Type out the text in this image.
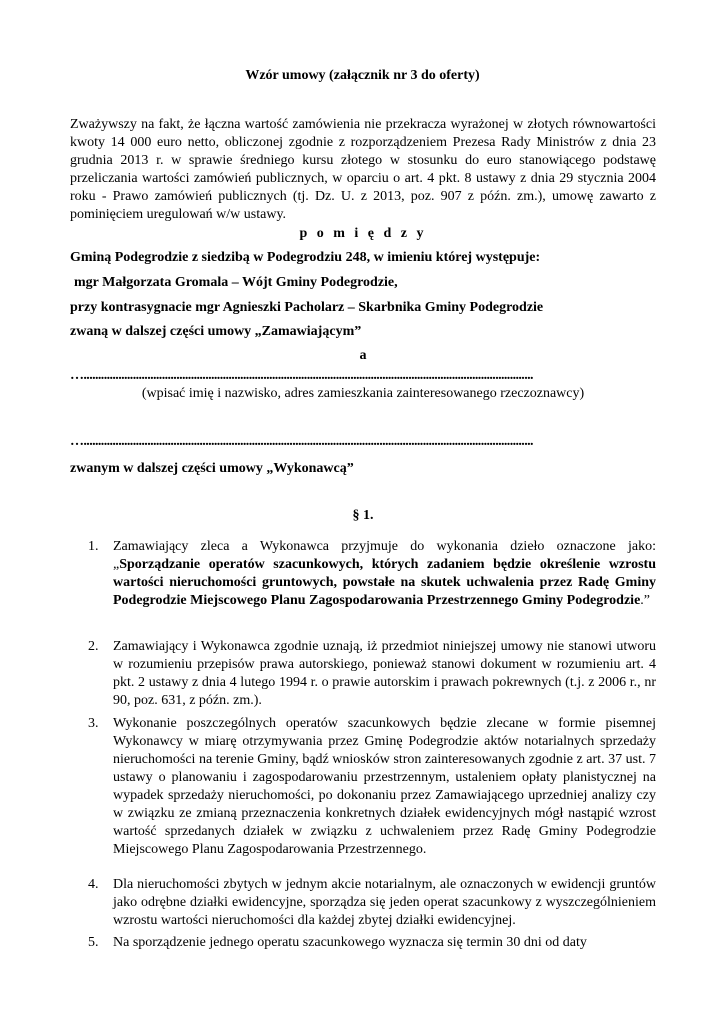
Wzór umowy (załącznik nr 3 do oferty)
Zważywszy na fakt, że łączna wartość zamówienia nie przekracza wyrażonej w złotych równowartości kwoty 14 000 euro netto, obliczonej zgodnie z rozporządzeniem Prezesa Rady Ministrów z dnia 23 grudnia 2013 r. w sprawie średniego kursu złotego w stosunku do euro stanowiącego podstawę przeliczania wartości zamówień publicznych, w oparciu o art. 4 pkt. 8 ustawy z dnia 29 stycznia 2004 roku - Prawo zamówień publicznych (tj. Dz. U. z 2013, poz. 907 z późn. zm.), umowę zawarto z pominięciem uregulowań w/w ustawy.
p o m i ę d z y
Gminą Podegrodzie z siedzibą w Podegrodziu 248, w imieniu której występuje:
mgr Małgorzata Gromala – Wójt Gminy Podegrodzie,
przy kontrasygnacie mgr Agnieszki Pacholarz – Skarbnika Gminy Podegrodzie
zwaną w dalszej części umowy „Zamawiającym”
a
…...........................................................................................................................................................
(wpisać imię i nazwisko, adres zamieszkania zainteresowanego rzeczoznawcy)
…...........................................................................................................................................................
zwanym w dalszej części umowy „Wykonawcą”
§ 1.
1. Zamawiający zleca a Wykonawca przyjmuje do wykonania dzieło oznaczone jako: „Sporządzanie operatów szacunkowych, których zadaniem będzie określenie wzrostu wartości nieruchomości gruntowych, powstałe na skutek uchwalenia przez Radę Gminy Podegrodzie Miejscowego Planu Zagospodarowania Przestrzennego Gminy Podegrodzie.”
2. Zamawiający i Wykonawca zgodnie uznają, iż przedmiot niniejszej umowy nie stanowi utworu w rozumieniu przepisów prawa autorskiego, ponieważ stanowi dokument w rozumieniu art. 4 pkt. 2 ustawy z dnia 4 lutego 1994 r. o prawie autorskim i prawach pokrewnych (t.j. z 2006 r., nr 90, poz. 631, z późn. zm.).
3. Wykonanie poszczególnych operatów szacunkowych będzie zlecane w formie pisemnej Wykonawcy w miarę otrzymywania przez Gminę Podegrodzie aktów notarialnych sprzedaży nieruchomości na terenie Gminy, bądź wniosków stron zainteresowanych zgodnie z art. 37 ust. 7 ustawy o planowaniu i zagospodarowaniu przestrzennym, ustaleniem opłaty planistycznej na wypadek sprzedaży nieruchomości, po dokonaniu przez Zamawiającego uprzedniej analizy czy w związku ze zmianą przeznaczenia konkretnych działek ewidencyjnych mógł nastąpić wzrost wartość sprzedanych działek w związku z uchwaleniem przez Radę Gminy Podegrodzie Miejscowego Planu Zagospodarowania Przestrzennego.
4. Dla nieruchomości zbytych w jednym akcie notarialnym, ale oznaczonych w ewidencji gruntów jako odrębne działki ewidencyjne, sporządza się jeden operat szacunkowy z wyszczególnieniem wzrostu wartości nieruchomości dla każdej zbytej działki ewidencyjnej.
5. Na sporządzenie jednego operatu szacunkowego wyznacza się termin 30 dni od daty
